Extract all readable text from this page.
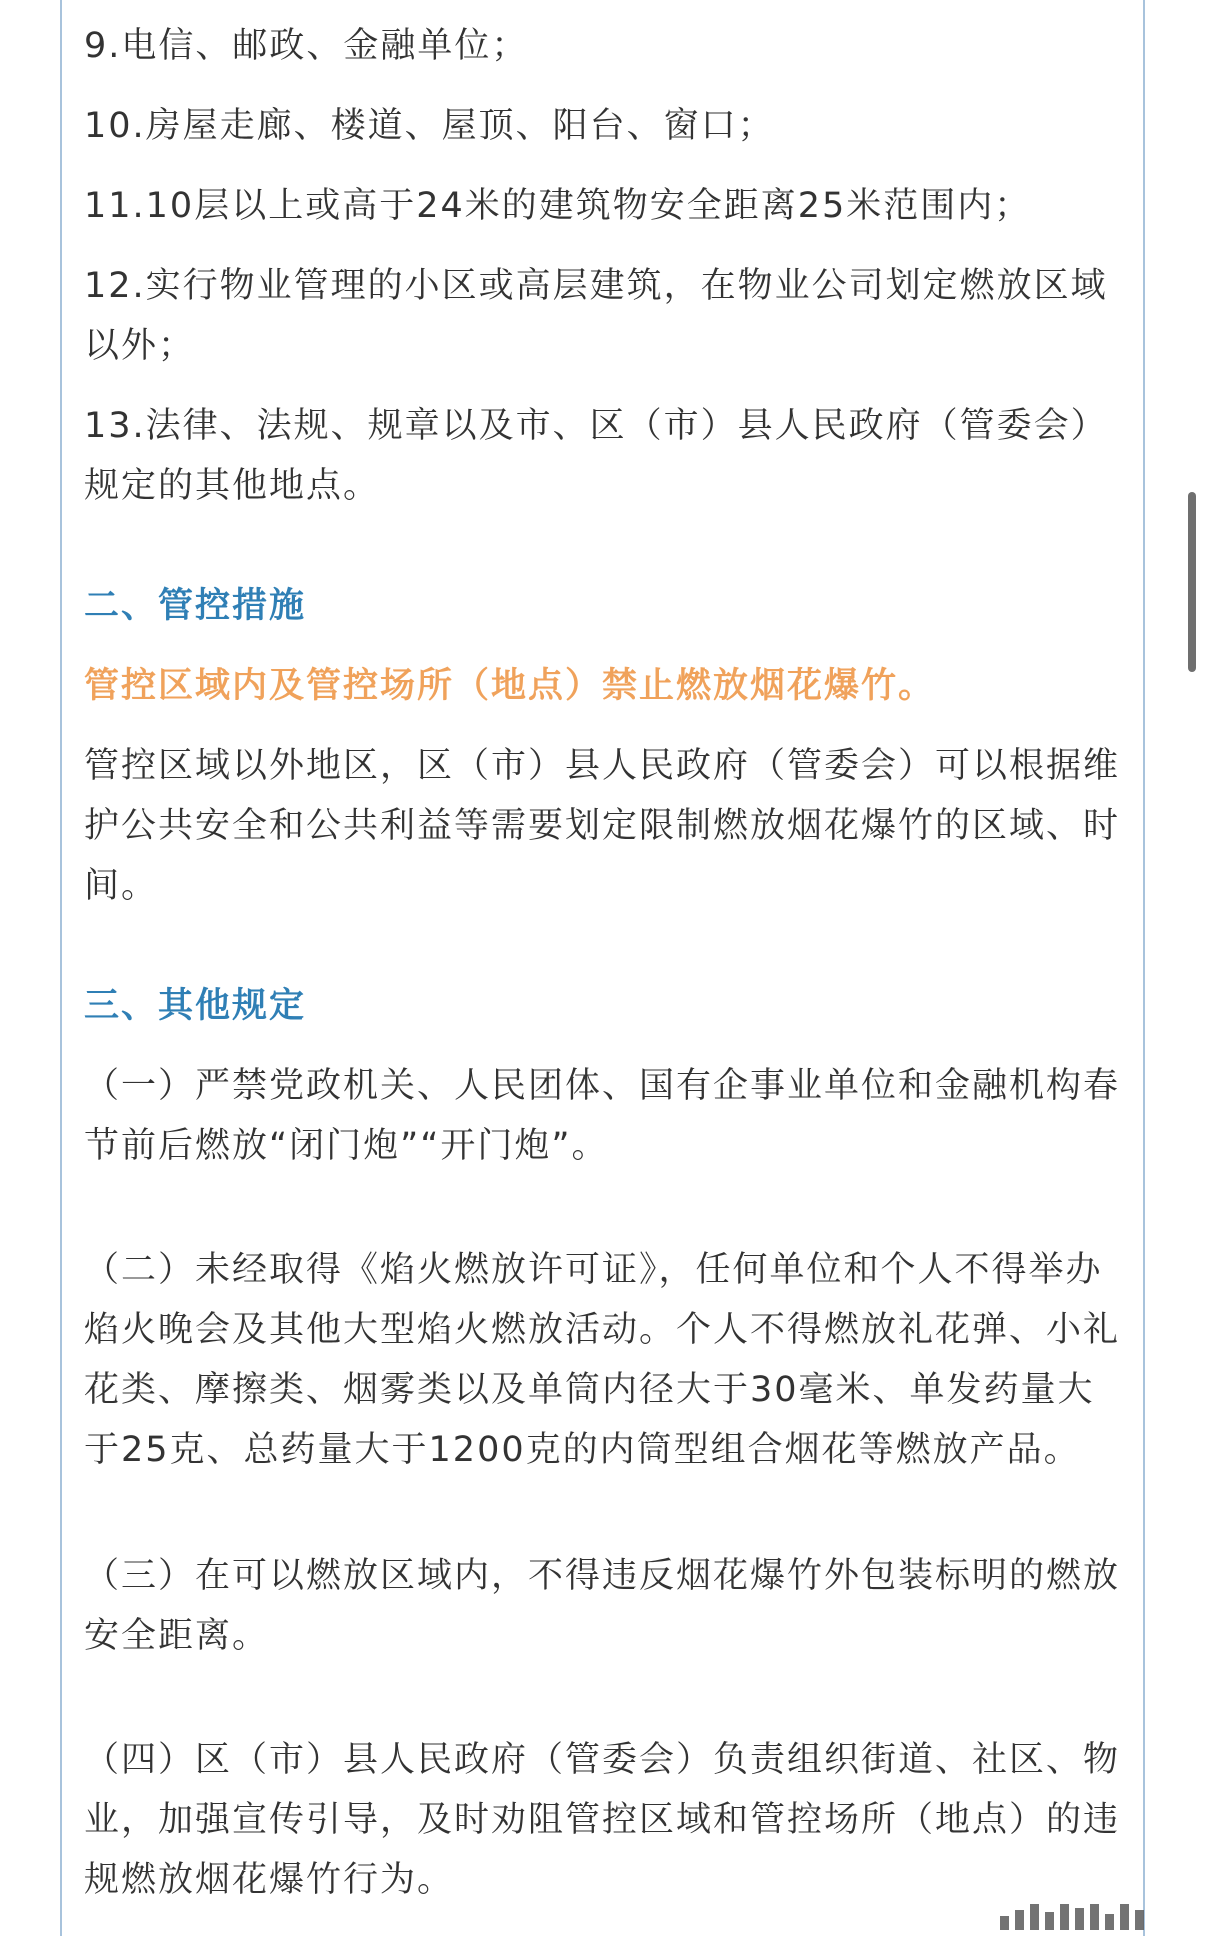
9.电信、邮政、金融单位；

10.房屋走廊、楼道、屋顶、阳台、窗口；

11.10层以上或高于24米的建筑物安全距离25米范围内；

12.实行物业管理的小区或高层建筑，在物业公司划定燃放区域以外；

13.法律、法规、规章以及市、区（市）县人民政府（管委会）规定的其他地点。

二、管控措施

管控区域内及管控场所（地点）禁止燃放烟花爆竹。

管控区域以外地区，区（市）县人民政府（管委会）可以根据维护公共安全和公共利益等需要划定限制燃放烟花爆竹的区域、时间。

三、其他规定

（一）严禁党政机关、人民团体、国有企事业单位和金融机构春节前后燃放“闭门炮”“开门炮”。

（二）未经取得《焰火燃放许可证》，任何单位和个人不得举办焰火晚会及其他大型焰火燃放活动。个人不得燃放礼花弹、小礼花类、摩擦类、烟雾类以及单筒内径大于30毫米、单发药量大于25克、总药量大于1200克的内筒型组合烟花等燃放产品。

（三）在可以燃放区域内，不得违反烟花爆竹外包装标明的燃放安全距离。

（四）区（市）县人民政府（管委会）负责组织街道、社区、物业，加强宣传引导，及时劝阻管控区域和管控场所（地点）的违规燃放烟花爆竹行为。
